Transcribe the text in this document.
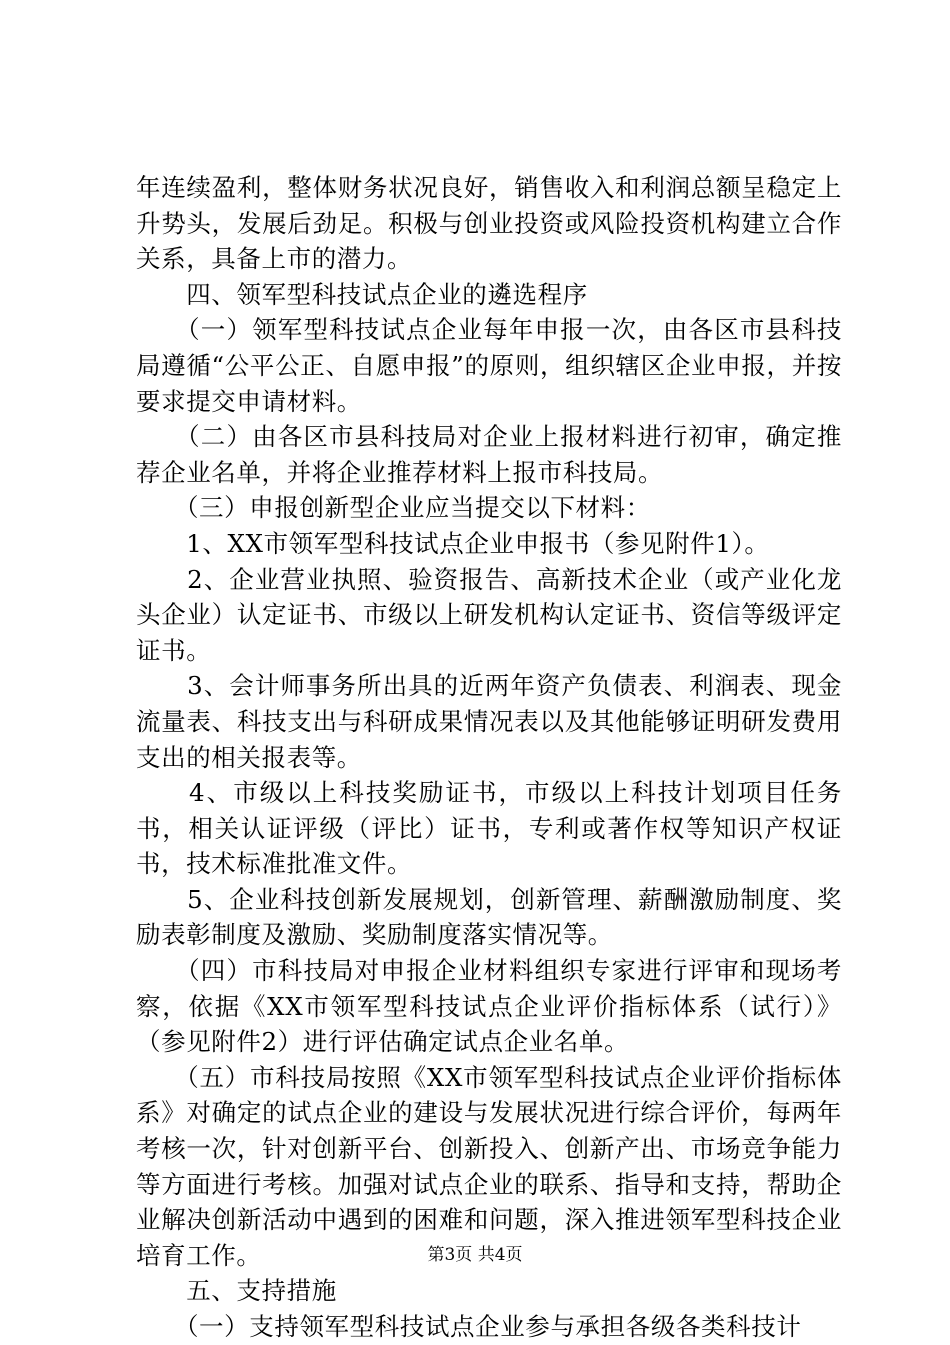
年连续盈利，整体财务状况良好，销售收入和利润总额呈稳定上升势头，发展后劲足。积极与创业投资或风险投资机构建立合作关系，具备上市的潜力。

　　四、领军型科技试点企业的遴选程序

　　（一）领军型科技试点企业每年申报一次，由各区市县科技局遵循“公平公正、自愿申报”的原则，组织辖区企业申报，并按要求提交申请材料。

　　（二）由各区市县科技局对企业上报材料进行初审，确定推荐企业名单，并将企业推荐材料上报市科技局。

　　（三）申报创新型企业应当提交以下材料：

　　1、XX市领军型科技试点企业申报书（参见附件1）。

　　2、企业营业执照、验资报告、高新技术企业（或产业化龙头企业）认定证书、市级以上研发机构认定证书、资信等级评定证书。

　　3、会计师事务所出具的近两年资产负债表、利润表、现金流量表、科技支出与科研成果情况表以及其他能够证明研发费用支出的相关报表等。

　　4、市级以上科技奖励证书，市级以上科技计划项目任务书，相关认证评级（评比）证书，专利或著作权等知识产权证书，技术标准批准文件。

　　5、企业科技创新发展规划，创新管理、薪酬激励制度、奖励表彰制度及激励、奖励制度落实情况等。

　　（四）市科技局对申报企业材料组织专家进行评审和现场考察，依据《XX市领军型科技试点企业评价指标体系（试行）》（参见附件2）进行评估确定试点企业名单。

　　（五）市科技局按照《XX市领军型科技试点企业评价指标体系》对确定的试点企业的建设与发展状况进行综合评价，每两年考核一次，针对创新平台、创新投入、创新产出、市场竞争能力等方面进行考核。加强对试点企业的联系、指导和支持，帮助企业解决创新活动中遇到的困难和问题，深入推进领军型科技企业培育工作。

　　五、支持措施

　　（一）支持领军型科技试点企业参与承担各级各类科技计

第3页 共4页
